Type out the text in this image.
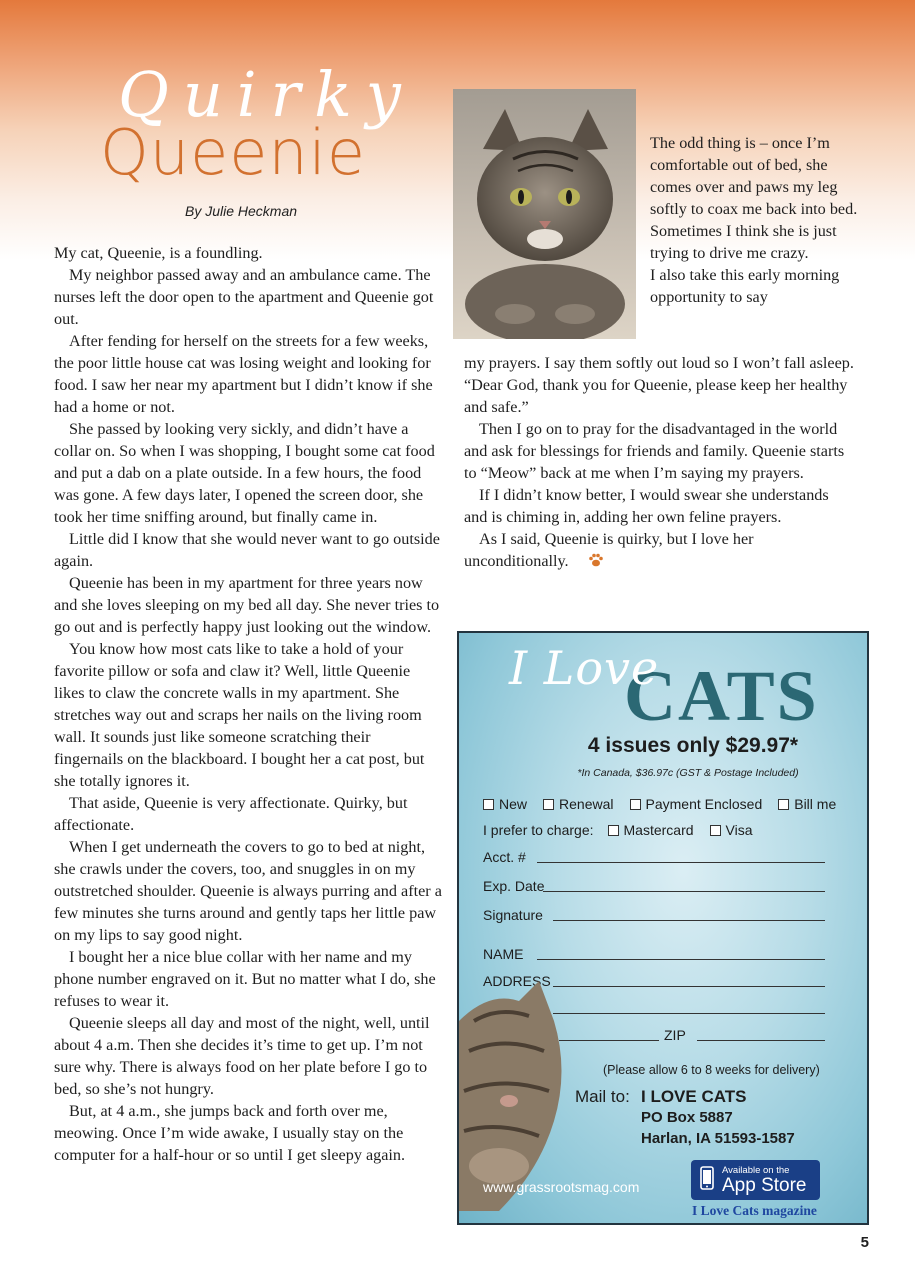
Quirky
Queenie
By Julie Heckman

My cat, Queenie, is a foundling.

My neighbor passed away and an ambulance came. The nurses left the door open to the apartment and Queenie got out.

After fending for herself on the streets for a few weeks, the poor little house cat was losing weight and looking for food. I saw her near my apartment but I didn’t know if she had a home or not.

She passed by looking very sickly, and didn’t have a collar on. So when I was shopping, I bought some cat food and put a dab on a plate outside. In a few hours, the food was gone. A few days later, I opened the screen door, she took her time sniffing around, but finally came in.

Little did I know that she would never want to go outside again.

Queenie has been in my apartment for three years now and she loves sleeping on my bed all day. She never tries to go out and is perfectly happy just looking out the window.

You know how most cats like to take a hold of your favorite pillow or sofa and claw it? Well, little Queenie likes to claw the concrete walls in my apartment. She stretches way out and scraps her nails on the living room wall. It sounds just like someone scratching their fingernails on the blackboard. I bought her a cat post, but she totally ignores it.

That aside, Queenie is very affectionate. Quirky, but affectionate.

When I get underneath the covers to go to bed at night, she crawls under the covers, too, and snuggles in on my outstretched shoulder. Queenie is always purring and after a few minutes she turns around and gently taps her little paw on my lips to say good night.

I bought her a nice blue collar with her name and my phone number engraved on it. But no matter what I do, she refuses to wear it.

Queenie sleeps all day and most of the night, well, until about 4 a.m. Then she decides it’s time to get up. I’m not sure why. There is always food on her plate before I go to bed, so she’s not hungry.

But, at 4 a.m., she jumps back and forth over me, meowing. Once I’m wide awake, I usually stay on the computer for a half-hour or so until I get sleepy again.

The odd thing is – once I’m comfortable out of bed, she comes over and paws my leg softly to coax me back into bed.

Sometimes I think she is just trying to drive me crazy.

I also take this early morning opportunity to say

my prayers. I say them softly out loud so I won’t fall asleep. “Dear God, thank you for Queenie, please keep her healthy and safe.”

Then I go on to pray for the disadvantaged in the world and ask for blessings for friends and family. Queenie starts to “Meow” back at me when I’m saying my prayers.

If I didn’t know better, I would swear she understands and is chiming in, adding her own feline prayers.

As I said, Queenie is quirky, but I love her unconditionally.

CATS
I Love
4 issues only $29.97*
*In Canada, $36.97c (GST & Postage Included)
New Renewal Payment Enclosed Bill me
I prefer to charge: Mastercard Visa
Acct. #
Exp. Date
Signature
NAME
ADDRESS
ZIP
(Please allow 6 to 8 weeks for delivery)
Mail to: I LOVE CATS
PO Box 5887
Harlan, IA 51593-1587
www.grassrootsmag.com
Available on the
App Store
I Love Cats magazine
5
